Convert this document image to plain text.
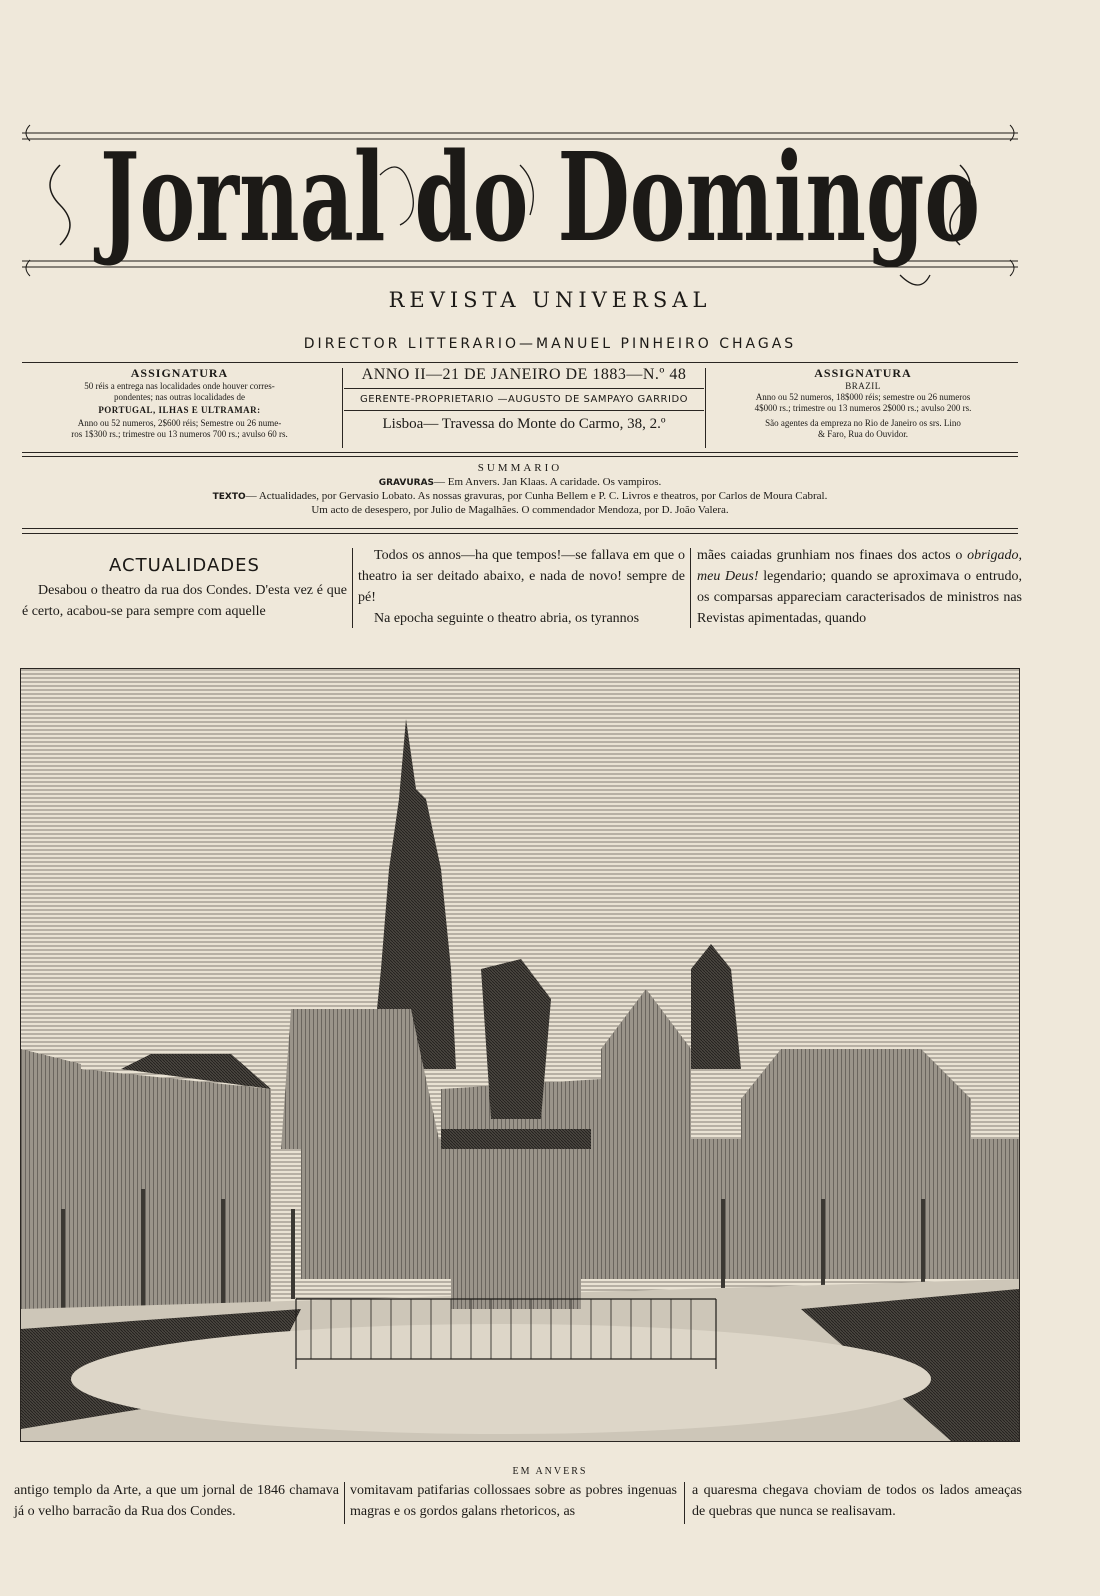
Jornal do Domingo
REVISTA UNIVERSAL
DIRECTOR LITTERARIO—MANUEL PINHEIRO CHAGAS
ASSIGNATURA
50 réis a entrega nas localidades onde houver corres-
pondentes; nas outras localidades de
PORTUGAL, ILHAS E ULTRAMAR:
Anno ou 52 numeros, 2$600 réis; Semestre ou 26 nume-
ros 1$300 rs.; trimestre ou 13 numeros 700 rs.; avulso 60 rs.
ANNO II—21 DE JANEIRO DE 1883—N.º 48
GERENTE-PROPRIETARIO —AUGUSTO DE SAMPAYO GARRIDO
Lisboa— Travessa do Monte do Carmo, 38, 2.º
ASSIGNATURA
BRAZIL
Anno ou 52 numeros, 18$000 réis; semestre ou 26 numeros
4$000 rs.; trimestre ou 13 numeros 2$000 rs.; avulso 200 rs.
São agentes da empreza no Rio de Janeiro os srs. Lino
& Faro, Rua do Ouvidor.
SUMMARIO
GRAVURAS— Em Anvers. Jan Klaas. A caridade. Os vampiros.
TEXTO— Actualidades, por Gervasio Lobato. As nossas gravuras, por Cunha Bellem e P. C. Livros e theatros, por Carlos de Moura Cabral.
Um acto de desespero, por Julio de Magalhães. O commendador Mendoza, por D. João Valera.
ACTUALIDADES

Desabou o theatro da rua dos Condes. D'esta vez é que é certo, acabou-se para sempre com aquelle

Todos os annos—ha que tempos!—se fallava em que o theatro ia ser deitado abaixo, e nada de novo! sempre de pé!

Na epocha seguinte o theatro abria, os tyrannos

mães caiadas grunhiam nos finaes dos actos o obrigado, meu Deus! legendario; quando se aproximava o entrudo, os comparsas appareciam caracterisados de ministros nas Revistas apimentadas, quando

EM ANVERS

antigo templo da Arte, a que um jornal de 1846 chamava já o velho barracão da Rua dos Condes.

vomitavam patifarias collossaes sobre as pobres ingenuas magras e os gordos galans rhetoricos, as

a quaresma chegava choviam de todos os lados ameaças de quebras que nunca se realisavam.
